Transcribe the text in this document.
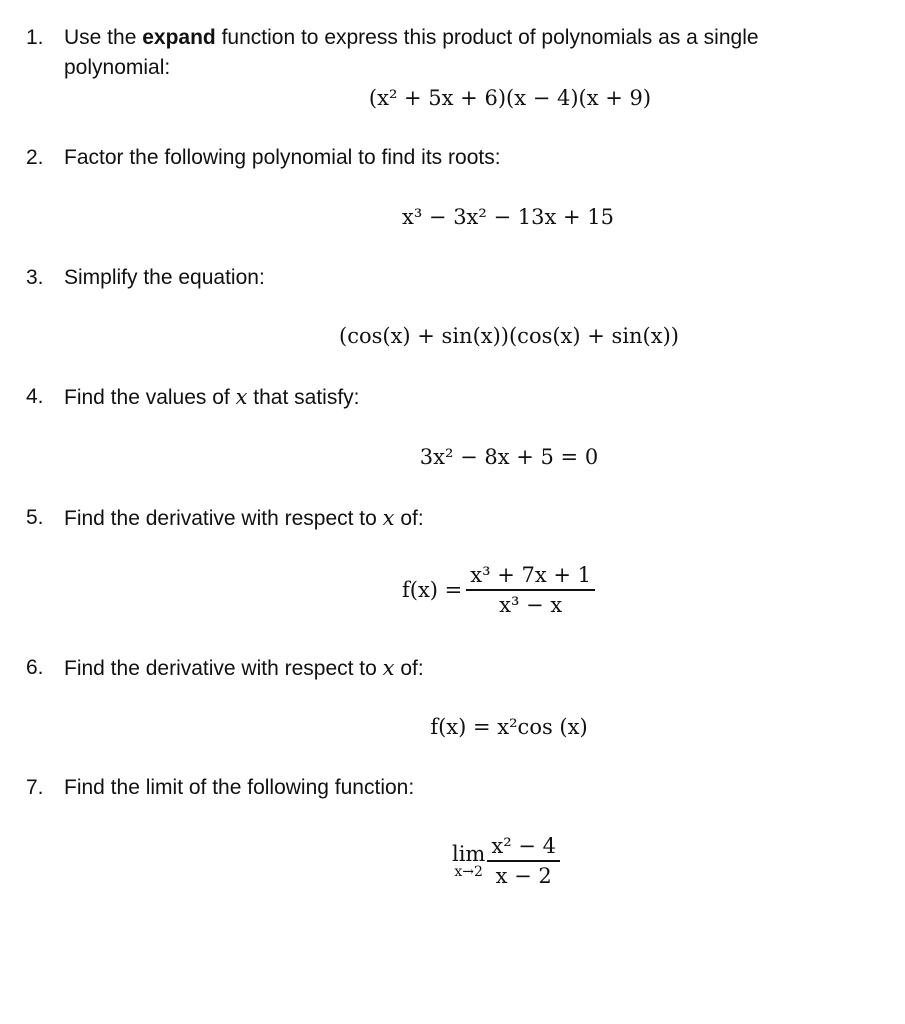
1. Use the expand function to express this product of polynomials as a single polynomial:
(x² + 5x + 6)(x − 4)(x + 9)
2. Factor the following polynomial to find its roots:
x³ − 3x² − 13x + 15
3. Simplify the equation:
(cos(x) + sin(x))(cos(x) + sin(x))
4. Find the values of x that satisfy:
3x² − 8x + 5 = 0
5. Find the derivative with respect to x of:
$f(x) = \frac{\text{x³ + 7x + 1}}{\text{x³ − x}}$
6. Find the derivative with respect to x of:
f(x) = x²cos (x)
7. Find the limit of the following function:
lim
$x\to 2 \frac{\text{x² − 4}}{x - 2}$
